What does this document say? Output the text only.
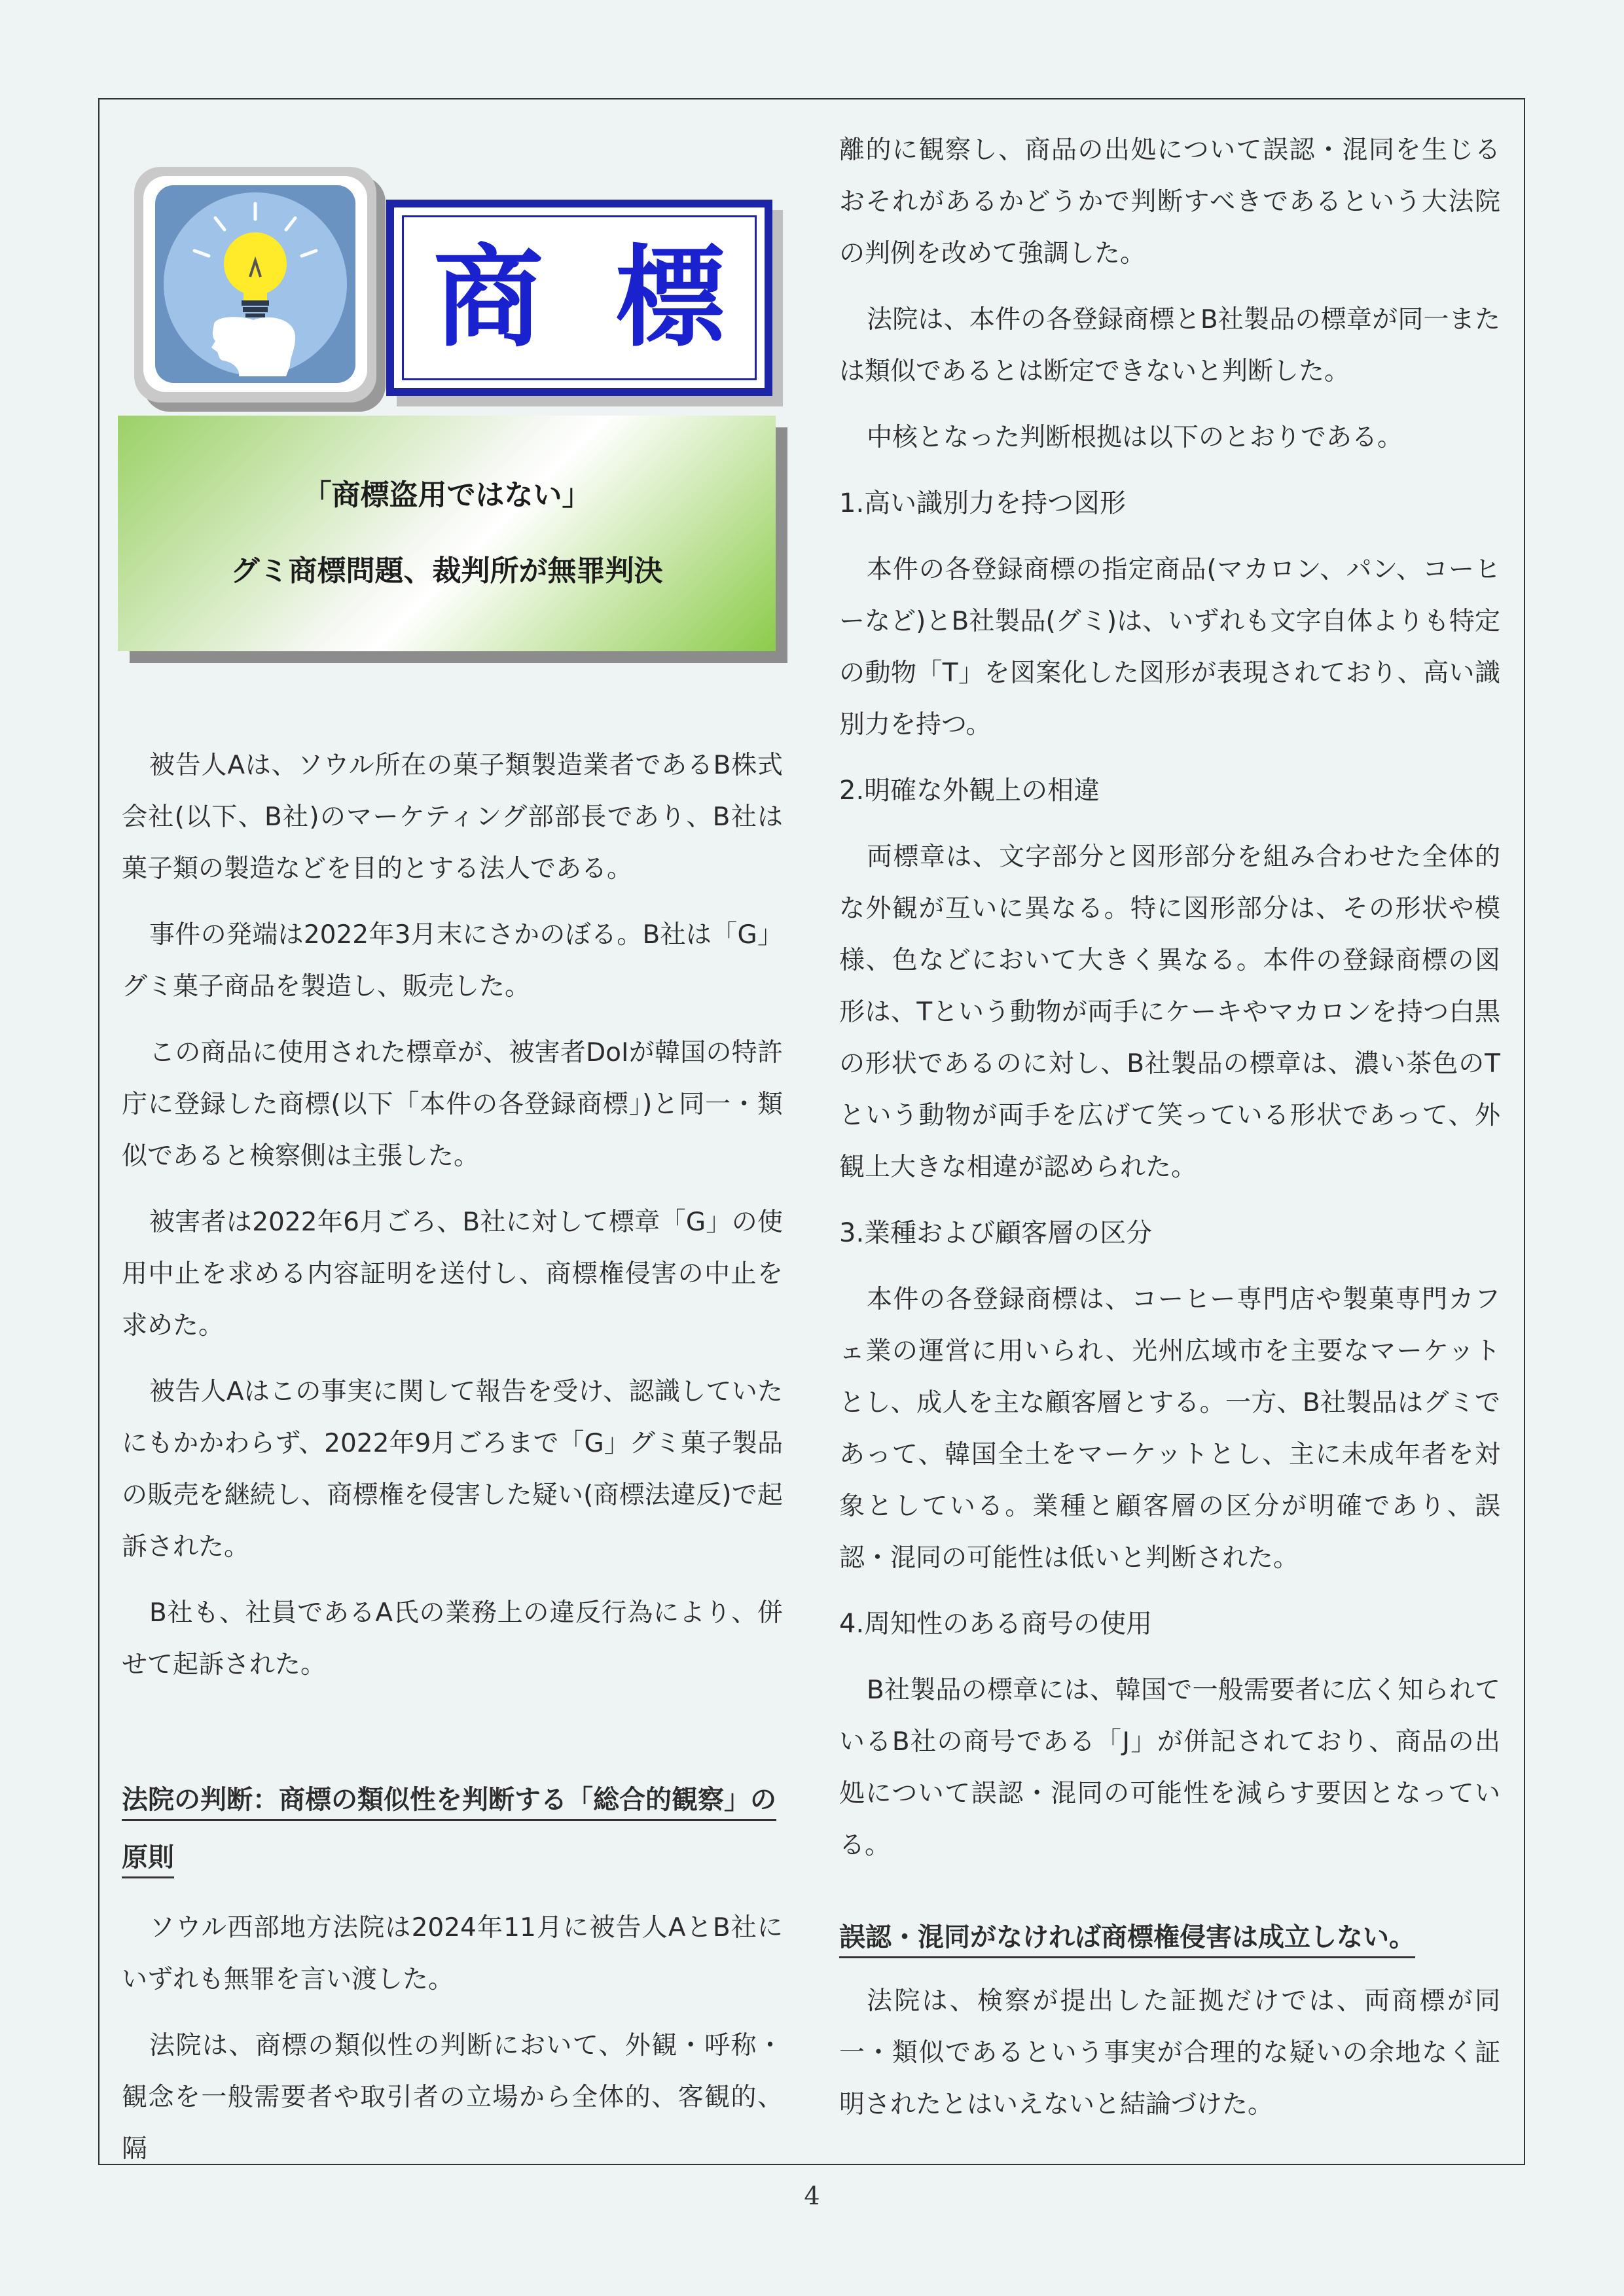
商 標
「商標盗用ではない」
グミ商標問題、裁判所が無罪判決

被告人Aは、ソウル所在の菓子類製造業者であるB株式会社(以下、B社)のマーケティング部部長であり、B社は菓子類の製造などを目的とする法人である。

事件の発端は2022年3月末にさかのぼる。B社は「G」グミ菓子商品を製造し、販売した。

この商品に使用された標章が、被害者DoIが韓国の特許庁に登録した商標(以下「本件の各登録商標」)と同一・類似であると検察側は主張した。

被害者は2022年6月ごろ、B社に対して標章「G」の使用中止を求める内容証明を送付し、商標権侵害の中止を求めた。

被告人Aはこの事実に関して報告を受け、認識していたにもかかわらず、2022年9月ごろまで「G」グミ菓子製品の販売を継続し、商標権を侵害した疑い(商標法違反)で起訴された。

B社も、社員であるA氏の業務上の違反行為により、併せて起訴された。

法院の判断：商標の類似性を判断する「総合的観察」の
原則

ソウル西部地方法院は2024年11月に被告人AとB社にいずれも無罪を言い渡した。

法院は、商標の類似性の判断において、外観・呼称・観念を一般需要者や取引者の立場から全体的、客観的、隔

離的に観察し、商品の出処について誤認・混同を生じるおそれがあるかどうかで判断すべきであるという大法院の判例を改めて強調した。

法院は、本件の各登録商標とB社製品の標章が同一または類似であるとは断定できないと判断した。

中核となった判断根拠は以下のとおりである。

1.高い識別力を持つ図形

本件の各登録商標の指定商品(マカロン、パン、コーヒーなど)とB社製品(グミ)は、いずれも文字自体よりも特定の動物「T」を図案化した図形が表現されており、高い識別力を持つ。

2.明確な外観上の相違

両標章は、文字部分と図形部分を組み合わせた全体的な外観が互いに異なる。特に図形部分は、その形状や模様、色などにおいて大きく異なる。本件の登録商標の図形は、Tという動物が両手にケーキやマカロンを持つ白黒の形状であるのに対し、B社製品の標章は、濃い茶色のTという動物が両手を広げて笑っている形状であって、外観上大きな相違が認められた。

3.業種および顧客層の区分

本件の各登録商標は、コーヒー専門店や製菓専門カフェ業の運営に用いられ、光州広域市を主要なマーケットとし、成人を主な顧客層とする。一方、B社製品はグミであって、韓国全土をマーケットとし、主に未成年者を対象としている。業種と顧客層の区分が明確であり、誤認・混同の可能性は低いと判断された。

4.周知性のある商号の使用

B社製品の標章には、韓国で一般需要者に広く知られているB社の商号である「J」が併記されており、商品の出処について誤認・混同の可能性を減らす要因となっている。

誤認・混同がなければ商標権侵害は成立しない。

法院は、検察が提出した証拠だけでは、両商標が同一・類似であるという事実が合理的な疑いの余地なく証明されたとはいえないと結論づけた。

4
